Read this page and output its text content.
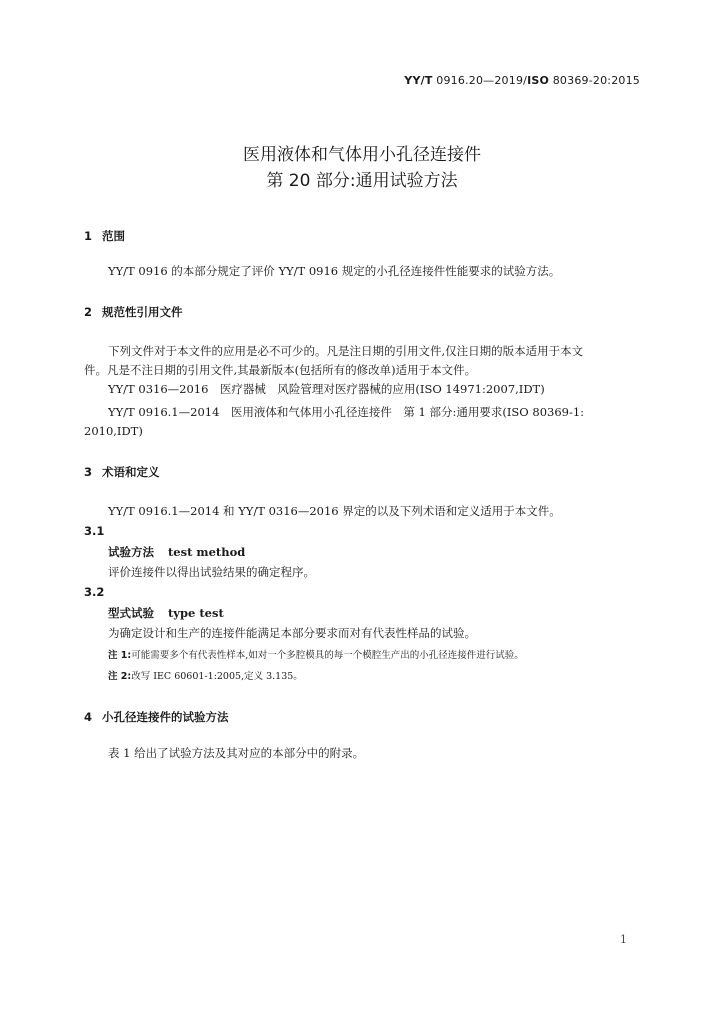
YY/T 0916.20—2019/ISO 80369-20:2015
医用液体和气体用小孔径连接件
第 20 部分:通用试验方法
1 范围
YY/T 0916 的本部分规定了评价 YY/T 0916 规定的小孔径连接件性能要求的试验方法。
2 规范性引用文件
下列文件对于本文件的应用是必不可少的。凡是注日期的引用文件,仅注日期的版本适用于本文
件。凡是不注日期的引用文件,其最新版本(包括所有的修改单)适用于本文件。
YY/T 0316—2016　医疗器械　风险管理对医疗器械的应用(ISO 14971:2007,IDT)
YY/T 0916.1—2014　医用液体和气体用小孔径连接件　第 1 部分:通用要求(ISO 80369-1:
2010,IDT)
3 术语和定义
YY/T 0916.1—2014 和 YY/T 0316—2016 界定的以及下列术语和定义适用于本文件。
3.1
试验方法 test method
评价连接件以得出试验结果的确定程序。
3.2
型式试验 type test
为确定设计和生产的连接件能满足本部分要求而对有代表性样品的试验。
注 1:可能需要多个有代表性样本,如对一个多腔模具的每一个模腔生产出的小孔径连接件进行试验。
注 2:改写 IEC 60601-1:2005,定义 3.135。
4 小孔径连接件的试验方法
表 1 给出了试验方法及其对应的本部分中的附录。
1
